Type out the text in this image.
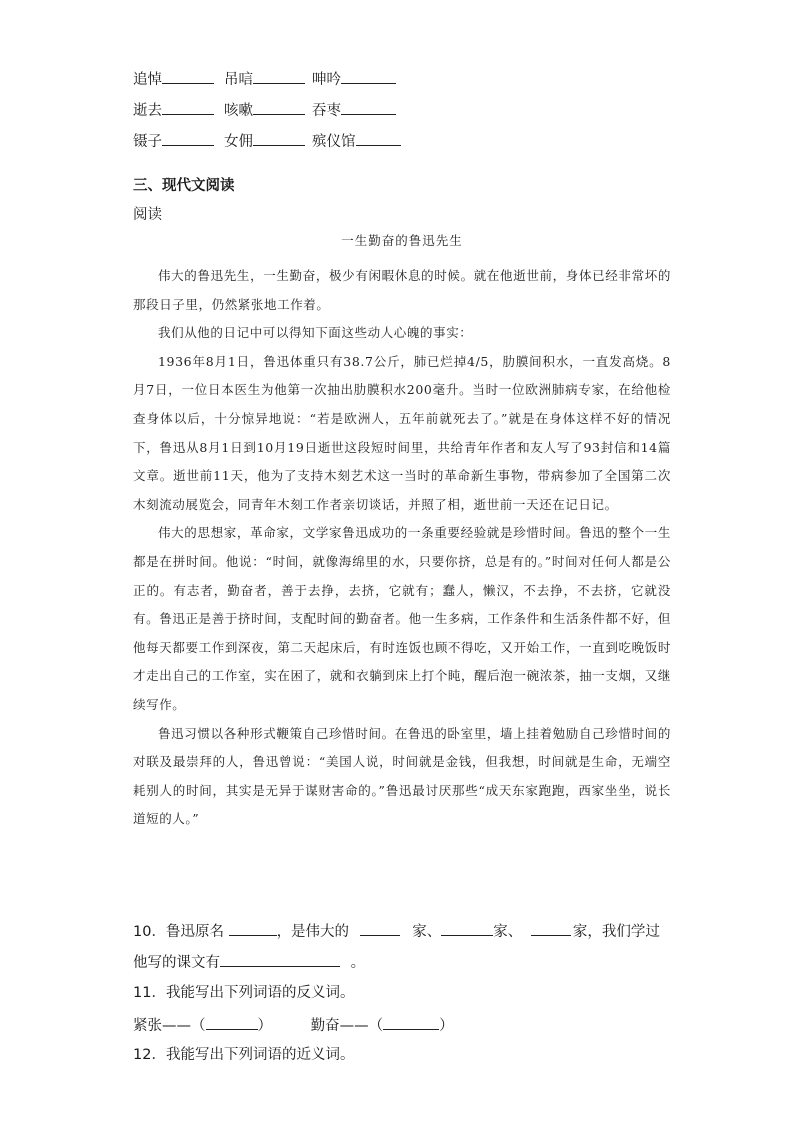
追悼	吊唁	呻吟
逝去	咳嗽	吞枣
镊子	女佣	殡仪馆
三、现代文阅读
阅读
一生勤奋的鲁迅先生

伟大的鲁迅先生，一生勤奋，极少有闲暇休息的时候。就在他逝世前，身体已经非常坏的那段日子里，仍然紧张地工作着。

我们从他的日记中可以得知下面这些动人心魄的事实：

1936年8月1日，鲁迅体重只有38.7公斤，肺已烂掉4/5，肋膜间积水，一直发高烧。8月7日，一位日本医生为他第一次抽出肋膜积水200毫升。当时一位欧洲肺病专家，在给他检查身体以后，十分惊异地说：“若是欧洲人，五年前就死去了。”就是在身体这样不好的情况下，鲁迅从8月1日到10月19日逝世这段短时间里，共给青年作者和友人写了93封信和14篇文章。逝世前11天，他为了支持木刻艺术这一当时的革命新生事物，带病参加了全国第二次木刻流动展览会，同青年木刻工作者亲切谈话，并照了相，逝世前一天还在记日记。

伟大的思想家，革命家，文学家鲁迅成功的一条重要经验就是珍惜时间。鲁迅的整个一生都是在拼时间。他说：“时间，就像海绵里的水，只要你挤，总是有的。”时间对任何人都是公正的。有志者，勤奋者，善于去挣，去挤，它就有；蠢人，懒汉，不去挣，不去挤，它就没有。鲁迅正是善于挤时间，支配时间的勤奋者。他一生多病，工作条件和生活条件都不好，但他每天都要工作到深夜，第二天起床后，有时连饭也顾不得吃，又开始工作，一直到吃晚饭时才走出自己的工作室，实在困了，就和衣躺到床上打个盹，醒后泡一碗浓茶，抽一支烟，又继续写作。

鲁迅习惯以各种形式鞭策自己珍惜时间。在鲁迅的卧室里，墙上挂着勉励自己珍惜时间的对联及最崇拜的人，鲁迅曾说：“美国人说，时间就是金钱，但我想，时间就是生命，无端空耗别人的时间，其实是无异于谋财害命的。”鲁迅最讨厌那些“成天东家跑跑，西家坐坐，说长道短的人。”

10．鲁迅原名	，是伟大的	家、	家、	家，我们学过
他写的课文有	。
11．我能写出下列词语的反义词。
紧张——（	）	勤奋——（	）
12．我能写出下列词语的近义词。
